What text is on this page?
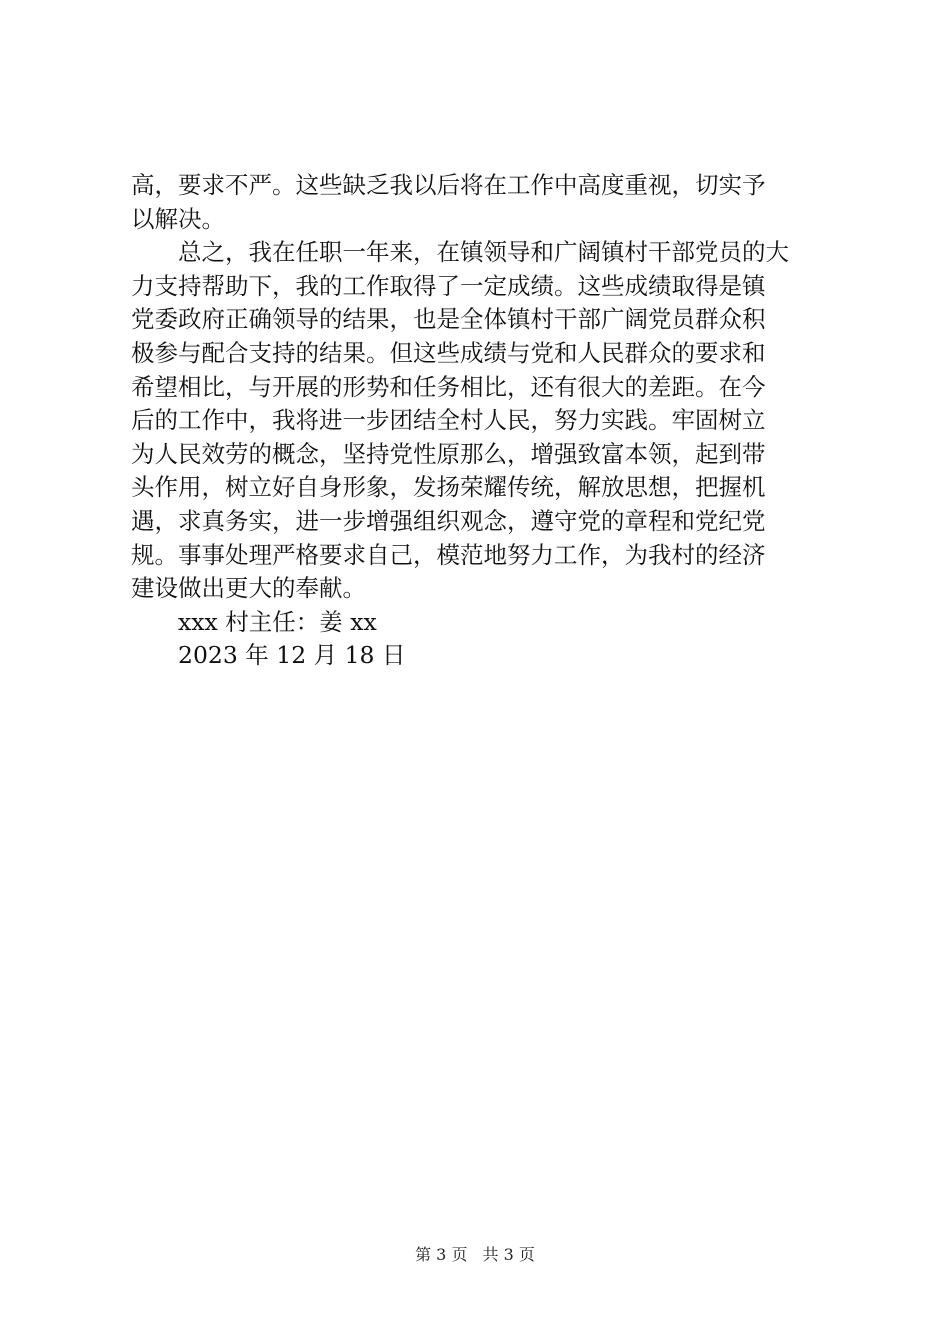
高，要求不严。这些缺乏我以后将在工作中高度重视，切实予
以解决。
总之，我在任职一年来，在镇领导和广阔镇村干部党员的大
力支持帮助下，我的工作取得了一定成绩。这些成绩取得是镇
党委政府正确领导的结果，也是全体镇村干部广阔党员群众积
极参与配合支持的结果。但这些成绩与党和人民群众的要求和
希望相比，与开展的形势和任务相比，还有很大的差距。在今
后的工作中，我将进一步团结全村人民，努力实践。牢固树立
为人民效劳的概念，坚持党性原那么，增强致富本领，起到带
头作用，树立好自身形象，发扬荣耀传统，解放思想，把握机
遇，求真务实，进一步增强组织观念，遵守党的章程和党纪党
规。事事处理严格要求自己，模范地努力工作，为我村的经济
建设做出更大的奉献。
xxx 村主任：姜 xx
2023 年 12 月 18 日
第 3 页 共 3 页
